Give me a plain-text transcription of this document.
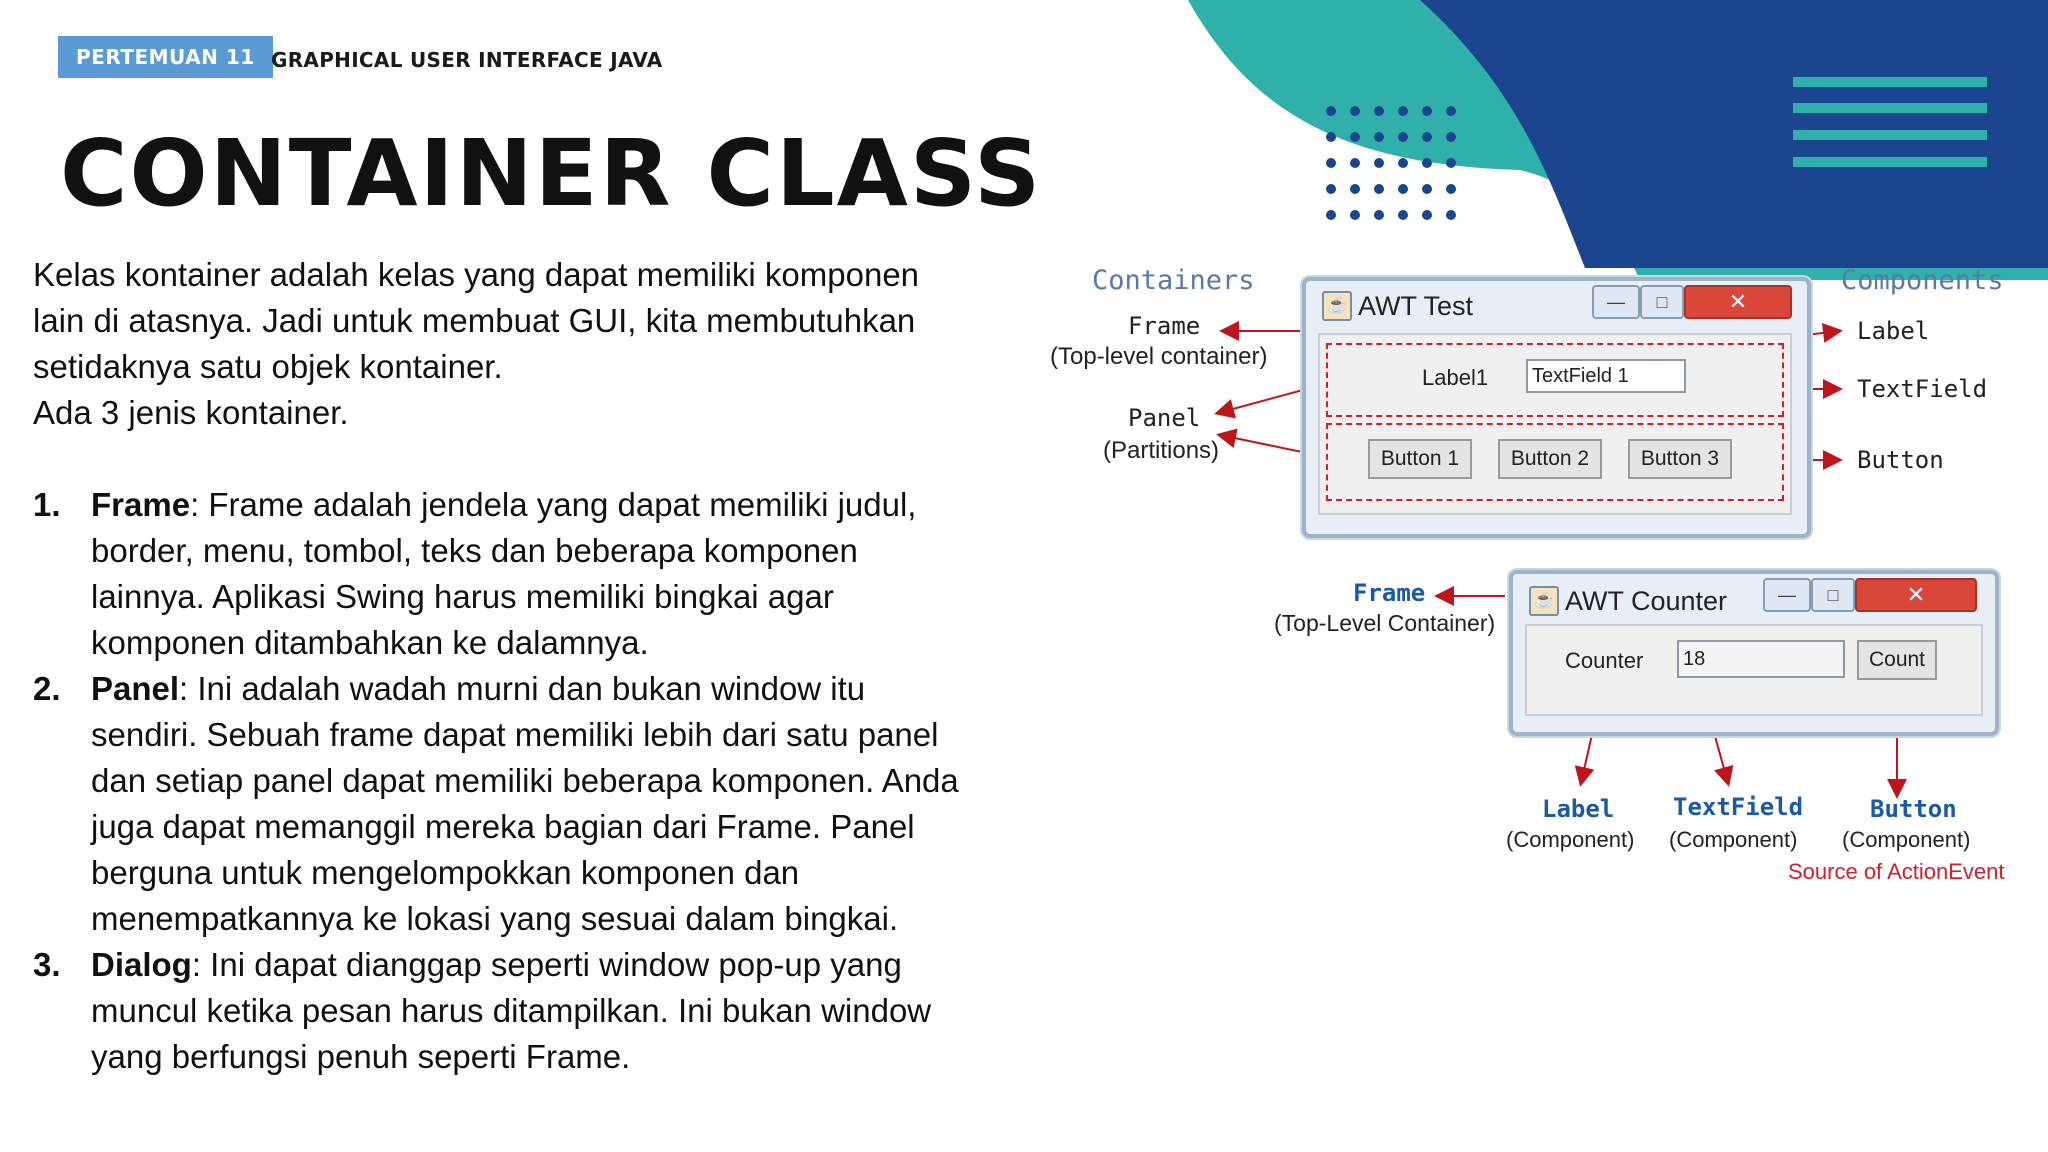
PERTEMUAN 11 GRAPHICAL USER INTERFACE JAVA
CONTAINER CLASS

Kelas kontainer adalah kelas yang dapat memiliki komponen

lain di atasnya. Jadi untuk membuat GUI, kita membutuhkan

setidaknya satu objek kontainer.

Ada 3 jenis kontainer.

1. Frame: Frame adalah jendela yang dapat memiliki judul,
border, menu, tombol, teks dan beberapa komponen
lainnya. Aplikasi Swing harus memiliki bingkai agar
komponen ditambahkan ke dalamnya.
2. Panel: Ini adalah wadah murni dan bukan window itu
sendiri. Sebuah frame dapat memiliki lebih dari satu panel
dan setiap panel dapat memiliki beberapa komponen. Anda
juga dapat memanggil mereka bagian dari Frame. Panel
berguna untuk mengelompokkan komponen dan
menempatkannya ke lokasi yang sesuai dalam bingkai.
3. Dialog: Ini dapat dianggap seperti window pop-up yang
muncul ketika pesan harus ditampilkan. Ini bukan window
yang berfungsi penuh seperti Frame.
Containers
Frame
(Top-level container)
Panel
(Partitions)
Components
Label
TextField
Button
☕ AWT Test	—	□	✕
Label1	TextField 1
Button 1	Button 2	Button 3
Frame
(Top-Level Container)
☕ AWT Counter	—	□	✕
Counter	18	Count
Label
(Component)
TextField
(Component)
Button
(Component)
Source of ActionEvent
